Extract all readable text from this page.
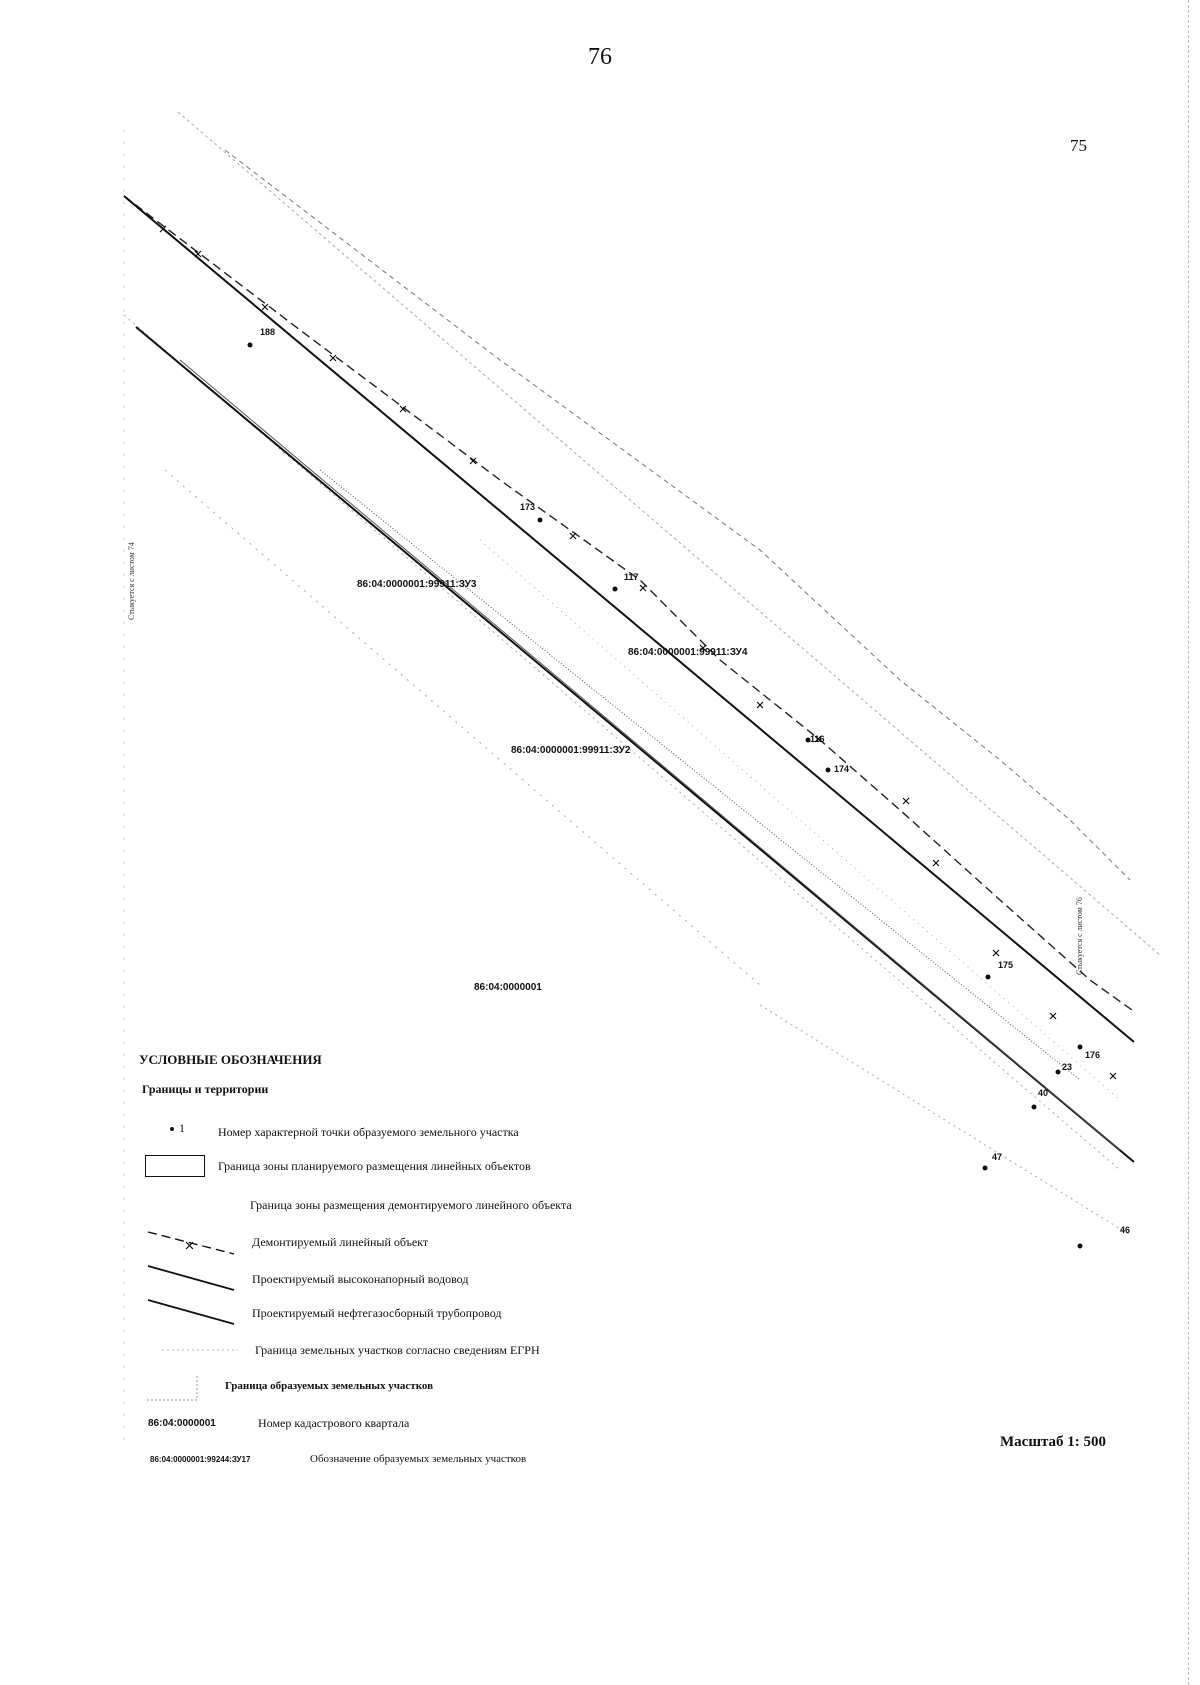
76
75
188
173
117
116
174
175
176
23
40
47
46
86:04:0000001:99911:ЗУ3
86:04:0000001:99911:ЗУ4
86:04:0000001:99911:ЗУ2
86:04:0000001
Стыкуется с листом 74
Стыкуется с листом 76
УСЛОВНЫЕ ОБОЗНАЧЕНИЯ
Границы и территории
1	Номер характерной точки образуемого земельного участка
Граница зоны планируемого размещения линейных объектов
Граница зоны размещения демонтируемого линейного объекта
Демонтируемый линейный объект
Проектируемый высоконапорный водовод
Проектируемый нефтегазосборный трубопровод
Граница земельных участков согласно сведениям ЕГРН
Граница образуемых земельных участков
86:04:0000001	Номер кадастрового квартала
86:04:0000001:99244:ЗУ17	Обозначение образуемых земельных участков
Масштаб 1: 500
